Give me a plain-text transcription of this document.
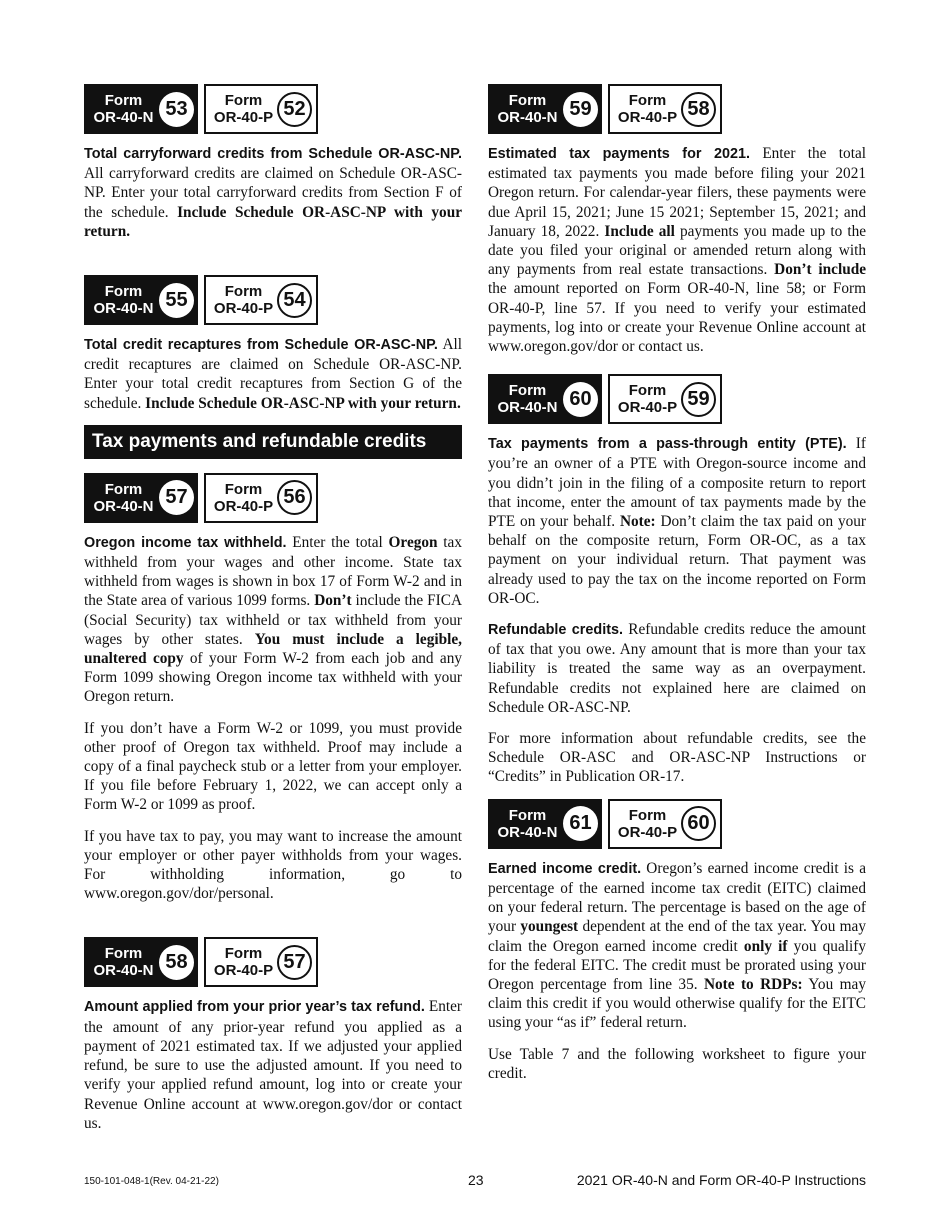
Form
OR-40-N 53	Form
OR-40-P 52

Total carryforward credits from Schedule OR-ASC-NP. All carryforward credits are claimed on Schedule OR-ASC-NP. Enter your total carryforward credits from Section F of the schedule. Include Schedule OR-ASC-NP with your return.

Form
OR-40-N 55	Form
OR-40-P 54

Total credit recaptures from Schedule OR-ASC-NP. All credit recaptures are claimed on Schedule OR-ASC-NP. Enter your total credit recaptures from Section G of the schedule. Include Schedule OR-ASC-NP with your return.

Tax payments and refundable credits
Form
OR-40-N 57	Form
OR-40-P 56

Oregon income tax withheld. Enter the total Oregon tax withheld from your wages and other income. State tax withheld from wages is shown in box 17 of Form W-2 and in the State area of various 1099 forms. Don’t include the FICA (Social Security) tax withheld or tax withheld from your wages by other states. You must include a legible, unaltered copy of your Form W-2 from each job and any Form 1099 showing Oregon income tax withheld with your Oregon return.

If you don’t have a Form W-2 or 1099, you must provide other proof of Oregon tax withheld. Proof may include a copy of a final paycheck stub or a letter from your employer. If you file before February 1, 2022, we can accept only a Form W-2 or 1099 as proof.

If you have tax to pay, you may want to increase the amount your employer or other payer withholds from your wages. For withholding information, go to www.oregon.gov/dor/personal.

Form
OR-40-N 58	Form
OR-40-P 57

Amount applied from your prior year’s tax refund. Enter the amount of any prior-year refund you applied as a payment of 2021 estimated tax. If we adjusted your applied refund, be sure to use the adjusted amount. If you need to verify your applied refund amount, log into or create your Revenue Online account at www.oregon.gov/dor or contact us.

Form
OR-40-N 59	Form
OR-40-P 58

Estimated tax payments for 2021. Enter the total estimated tax payments you made before filing your 2021 Oregon return. For calendar-year filers, these payments were due April 15, 2021; June 15 2021; September 15, 2021; and January 18, 2022. Include all payments you made up to the date you filed your original or amended return along with any payments from real estate transactions. Don’t include the amount reported on Form OR-40-N, line 58; or Form OR-40-P, line 57. If you need to verify your estimated payments, log into or create your Revenue Online account at www.oregon.gov/dor or contact us.

Form
OR-40-N 60	Form
OR-40-P 59

Tax payments from a pass-through entity (PTE). If you’re an owner of a PTE with Oregon-source income and you didn’t join in the filing of a composite return to report that income, enter the amount of tax payments made by the PTE on your behalf. Note: Don’t claim the tax paid on your behalf on the composite return, Form OR-OC, as a tax payment on your individual return. That payment was already used to pay the tax on the income reported on Form OR-OC.

Refundable credits. Refundable credits reduce the amount of tax that you owe. Any amount that is more than your tax liability is treated the same way as an overpayment. Refundable credits not explained here are claimed on Schedule OR-ASC-NP.

For more information about refundable credits, see the Schedule OR-ASC and OR-ASC-NP Instructions or “Credits” in Publication OR-17.

Form
OR-40-N 61	Form
OR-40-P 60

Earned income credit. Oregon’s earned income credit is a percentage of the earned income tax credit (EITC) claimed on your federal return. The percentage is based on the age of your youngest dependent at the end of the tax year. You may claim the Oregon earned income credit only if you qualify for the federal EITC. The credit must be prorated using your Oregon percentage from line 35. Note to RDPs: You may claim this credit if you would otherwise qualify for the EITC using your “as if” federal return.

Use Table 7 and the following worksheet to figure your credit.

150-101-048-1(Rev. 04-21-22)	23	2021 OR-40-N and Form OR-40-P Instructions
